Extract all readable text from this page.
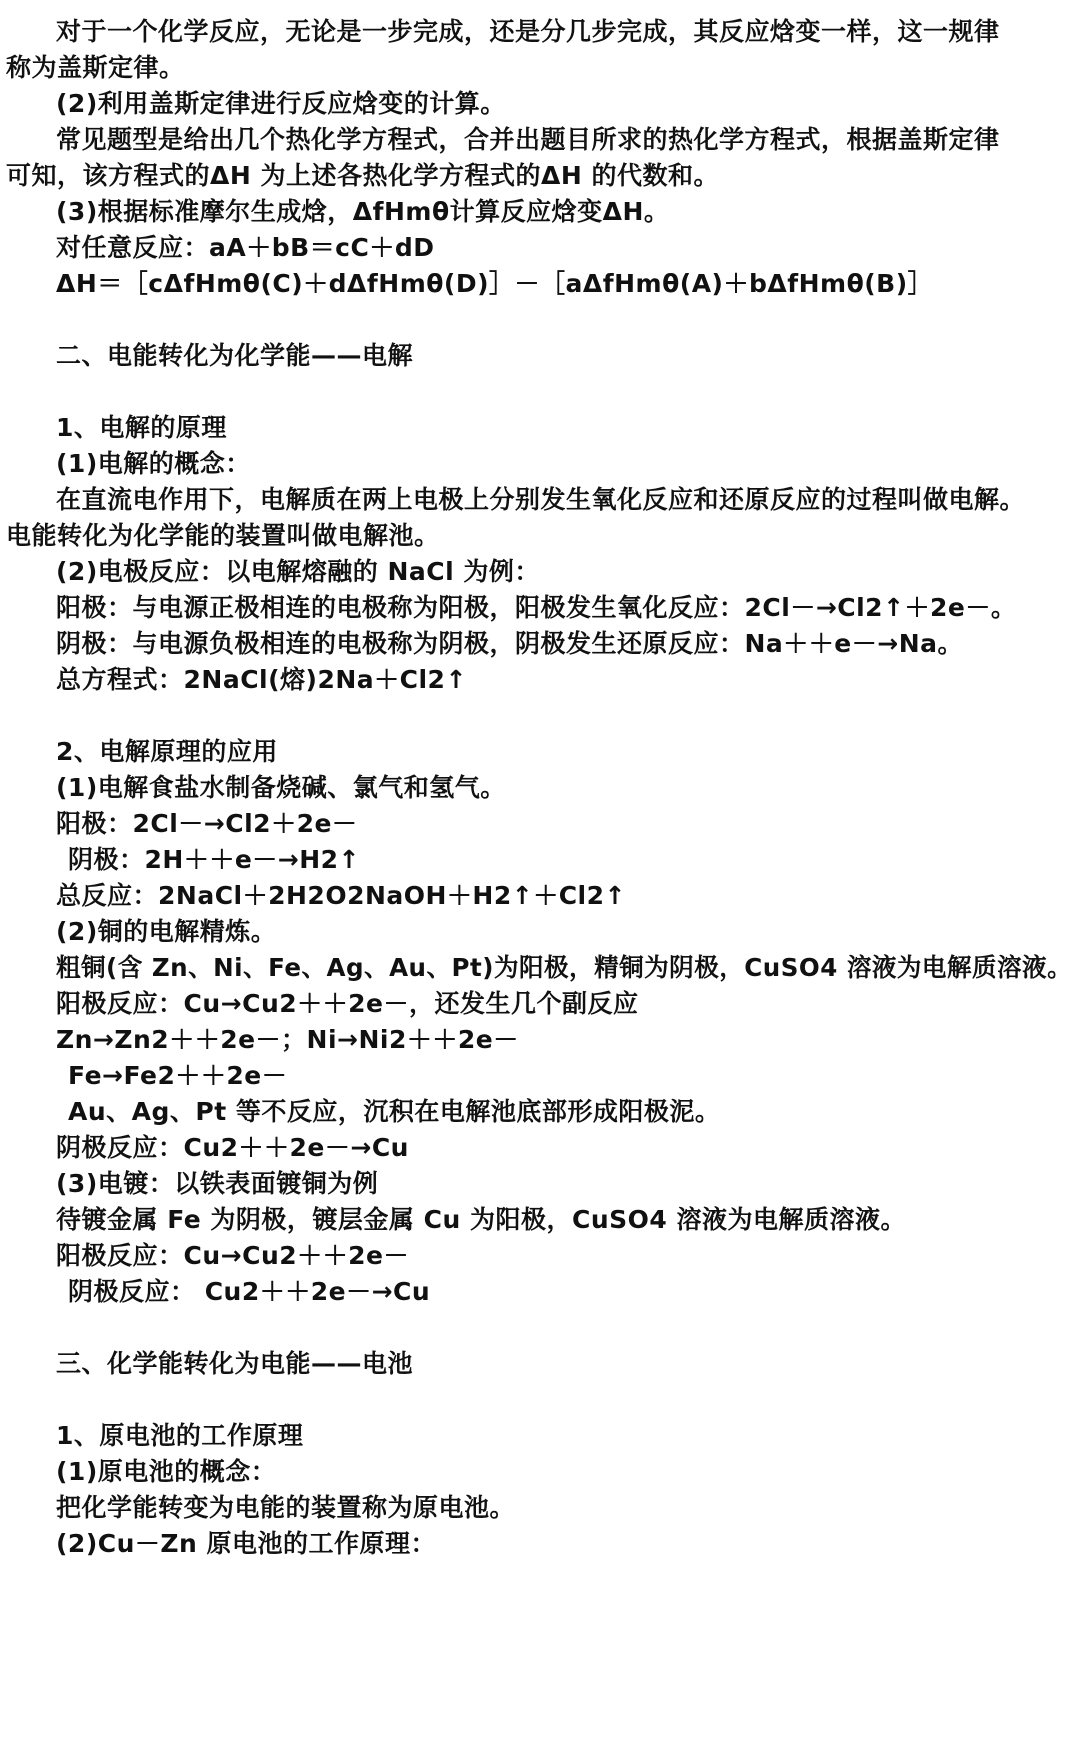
对于一个化学反应，无论是一步完成，还是分几步完成，其反应焓变一样，这一规律
称为盖斯定律。
(2)利用盖斯定律进行反应焓变的计算。
常见题型是给出几个热化学方程式，合并出题目所求的热化学方程式，根据盖斯定律
可知，该方程式的ΔH 为上述各热化学方程式的ΔH 的代数和。
(3)根据标准摩尔生成焓，ΔfHmθ计算反应焓变ΔH。
对任意反应：aA＋bB＝cC＋dD
ΔH＝［cΔfHmθ(C)＋dΔfHmθ(D)］－［aΔfHmθ(A)＋bΔfHmθ(B)］
二、电能转化为化学能——电解
1、电解的原理
(1)电解的概念：
在直流电作用下，电解质在两上电极上分别发生氧化反应和还原反应的过程叫做电解。
电能转化为化学能的装置叫做电解池。
(2)电极反应：以电解熔融的 NaCl 为例：
阳极：与电源正极相连的电极称为阳极，阳极发生氧化反应：2Cl－→Cl2↑＋2e－。
阴极：与电源负极相连的电极称为阴极，阴极发生还原反应：Na＋＋e－→Na。
总方程式：2NaCl(熔)2Na＋Cl2↑
2、电解原理的应用
(1)电解食盐水制备烧碱、氯气和氢气。
阳极：2Cl－→Cl2＋2e－
阴极：2H＋＋e－→H2↑
总反应：2NaCl＋2H2O2NaOH＋H2↑＋Cl2↑
(2)铜的电解精炼。
粗铜(含 Zn、Ni、Fe、Ag、Au、Pt)为阳极，精铜为阴极，CuSO4 溶液为电解质溶液。
阳极反应：Cu→Cu2＋＋2e－，还发生几个副反应
Zn→Zn2＋＋2e－；Ni→Ni2＋＋2e－
Fe→Fe2＋＋2e－
Au、Ag、Pt 等不反应，沉积在电解池底部形成阳极泥。
阴极反应：Cu2＋＋2e－→Cu
(3)电镀：以铁表面镀铜为例
待镀金属 Fe 为阴极，镀层金属 Cu 为阳极，CuSO4 溶液为电解质溶液。
阳极反应：Cu→Cu2＋＋2e－
阴极反应： Cu2＋＋2e－→Cu
三、化学能转化为电能——电池
1、原电池的工作原理
(1)原电池的概念：
把化学能转变为电能的装置称为原电池。
(2)Cu－Zn 原电池的工作原理：
